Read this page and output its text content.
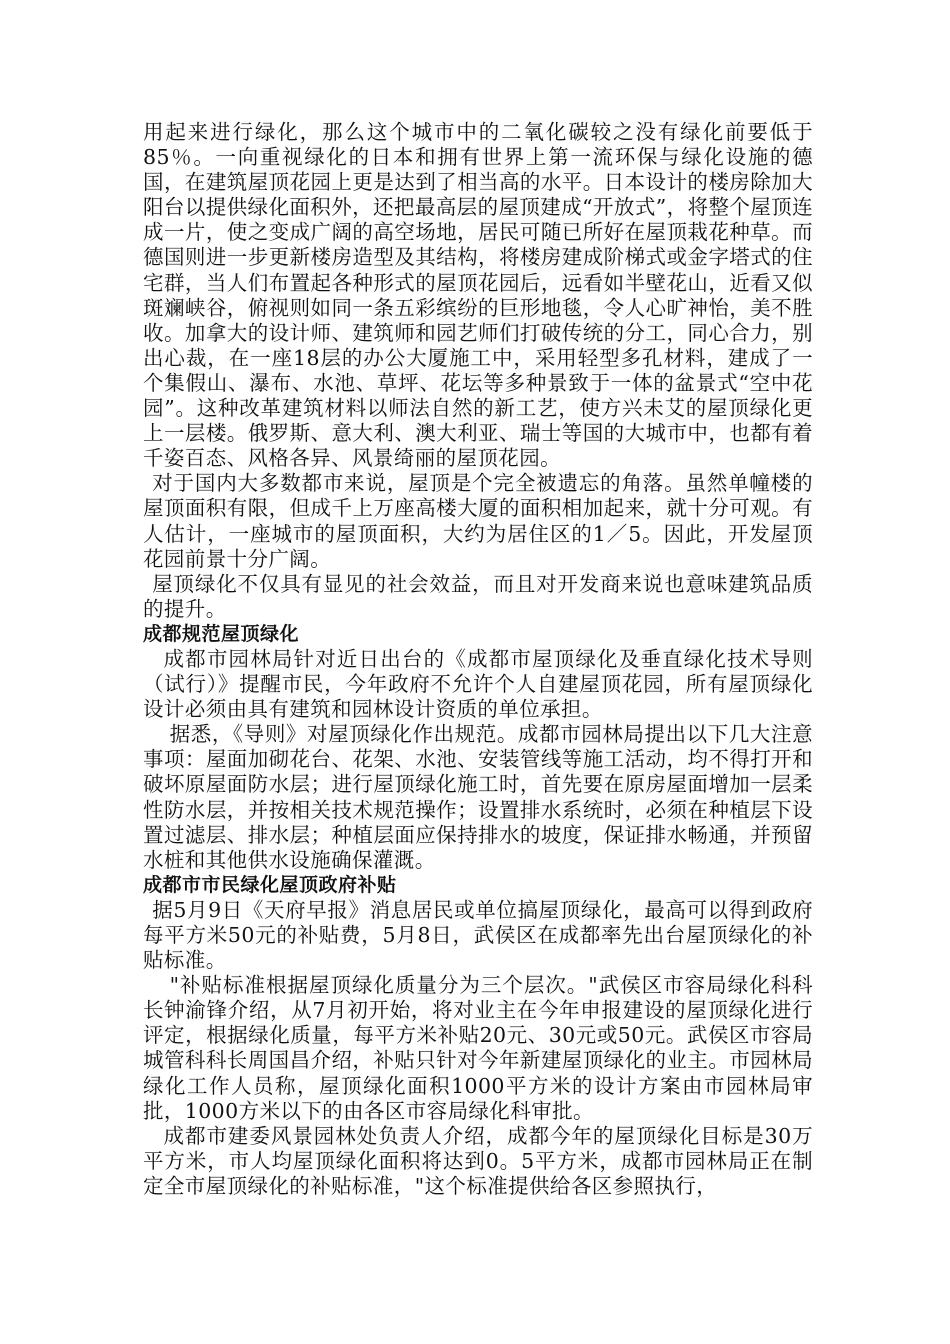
用起来进行绿化，那么这个城市中的二氧化碳较之没有绿化前要低于85％。一向重视绿化的日本和拥有世界上第一流环保与绿化设施的德国，在建筑屋顶花园上更是达到了相当高的水平。日本设计的楼房除加大阳台以提供绿化面积外，还把最高层的屋顶建成“开放式”，将整个屋顶连成一片，使之变成广阔的高空场地，居民可随已所好在屋顶栽花种草。而德国则进一步更新楼房造型及其结构，将楼房建成阶梯式或金字塔式的住宅群，当人们布置起各种形式的屋顶花园后，远看如半壁花山，近看又似斑斓峡谷，俯视则如同一条五彩缤纷的巨形地毯，令人心旷神怡，美不胜收。加拿大的设计师、建筑师和园艺师们打破传统的分工，同心合力，别出心裁，在一座18层的办公大厦施工中，采用轻型多孔材料，建成了一个集假山、瀑布、水池、草坪、花坛等多种景致于一体的盆景式“空中花园”。这种改革建筑材料以师法自然的新工艺，使方兴未艾的屋顶绿化更上一层楼。俄罗斯、意大利、澳大利亚、瑞士等国的大城市中，也都有着千姿百态、风格各异、风景绮丽的屋顶花园。

对于国内大多数都市来说，屋顶是个完全被遗忘的角落。虽然单幢楼的屋顶面积有限，但成千上万座高楼大厦的面积相加起来，就十分可观。有人估计，一座城市的屋顶面积，大约为居住区的1／5。因此，开发屋顶花园前景十分广阔。

屋顶绿化不仅具有显见的社会效益，而且对开发商来说也意味建筑品质的提升。

成都规范屋顶绿化

成都市园林局针对近日出台的《成都市屋顶绿化及垂直绿化技术导则（试行）》提醒市民，今年政府不允许个人自建屋顶花园，所有屋顶绿化设计必须由具有建筑和园林设计资质的单位承担。

据悉，《导则》对屋顶绿化作出规范。成都市园林局提出以下几大注意事项：屋面加砌花台、花架、水池、安装管线等施工活动，均不得打开和破坏原屋面防水层；进行屋顶绿化施工时，首先要在原房屋面增加一层柔性防水层，并按相关技术规范操作；设置排水系统时，必须在种植层下设置过滤层、排水层；种植层面应保持排水的坡度，保证排水畅通，并预留水桩和其他供水设施确保灌溉。

成都市市民绿化屋顶政府补贴

据5月9日《天府早报》消息居民或单位搞屋顶绿化，最高可以得到政府每平方米50元的补贴费，5月8日，武侯区在成都率先出台屋顶绿化的补贴标准。

"补贴标准根据屋顶绿化质量分为三个层次。"武侯区市容局绿化科科长钟渝锋介绍，从7月初开始，将对业主在今年申报建设的屋顶绿化进行评定，根据绿化质量，每平方米补贴20元、30元或50元。武侯区市容局城管科科长周国昌介绍，补贴只针对今年新建屋顶绿化的业主。市园林局绿化工作人员称，屋顶绿化面积1000平方米的设计方案由市园林局审批，1000方米以下的由各区市容局绿化科审批。

成都市建委风景园林处负责人介绍，成都今年的屋顶绿化目标是30万平方米，市人均屋顶绿化面积将达到0。5平方米，成都市园林局正在制定全市屋顶绿化的补贴标准，"这个标准提供给各区参照执行，
